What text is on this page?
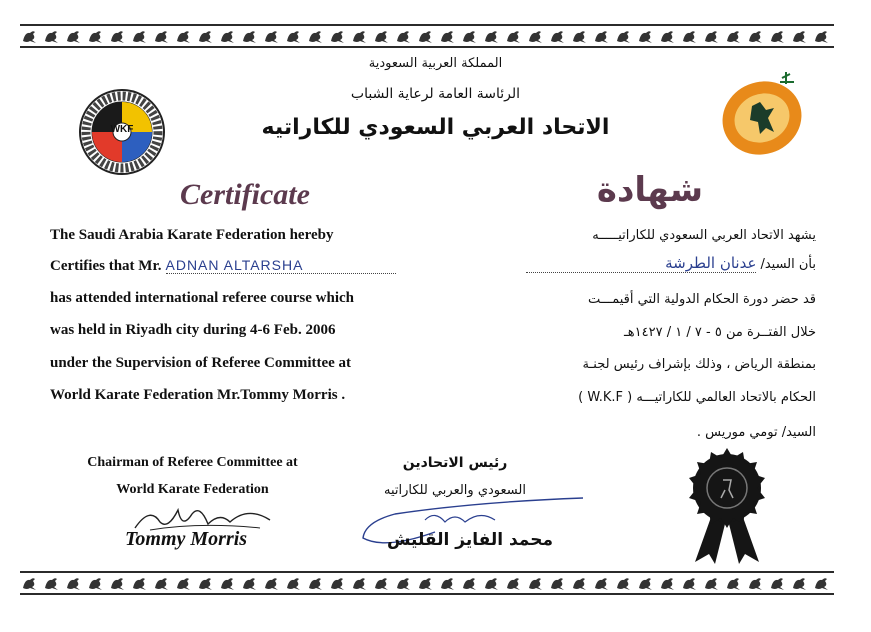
WKF
المملكة العربية السعودية
الرئاسة العامة لرعاية الشباب
الاتحاد العربي السعودي للكاراتيه
Certificate	شهادة
The Saudi Arabia Karate Federation hereby
Certifies that Mr. ADNAN ALTARSHA
has attended international referee course which
was held in Riyadh city during 4-6 Feb. 2006
under the Supervision of Referee Committee at
World Karate Federation Mr.Tommy Morris .
يشهد الاتحاد العربي السعودي للكاراتيـــــه
بأن السيد/عدنان الطرشة
قد حضر دورة الحكام الدولية التي أقيمـــت
خلال الفتــرة من ٥ - ٧ / ١ / ١٤٢٧هـ
بمنطقة الرياض ، وذلك بإشراف رئيس لجنـة
الحكام بالاتحاد العالمي للكاراتيـــه ( W.K.F )
السيد/ تومي موريس .
Chairman of Referee Committee at
World Karate Federation
Tommy Morris
رئيس الاتحادين
السعودي والعربي للكاراتيه
محمد الفايز القليش
